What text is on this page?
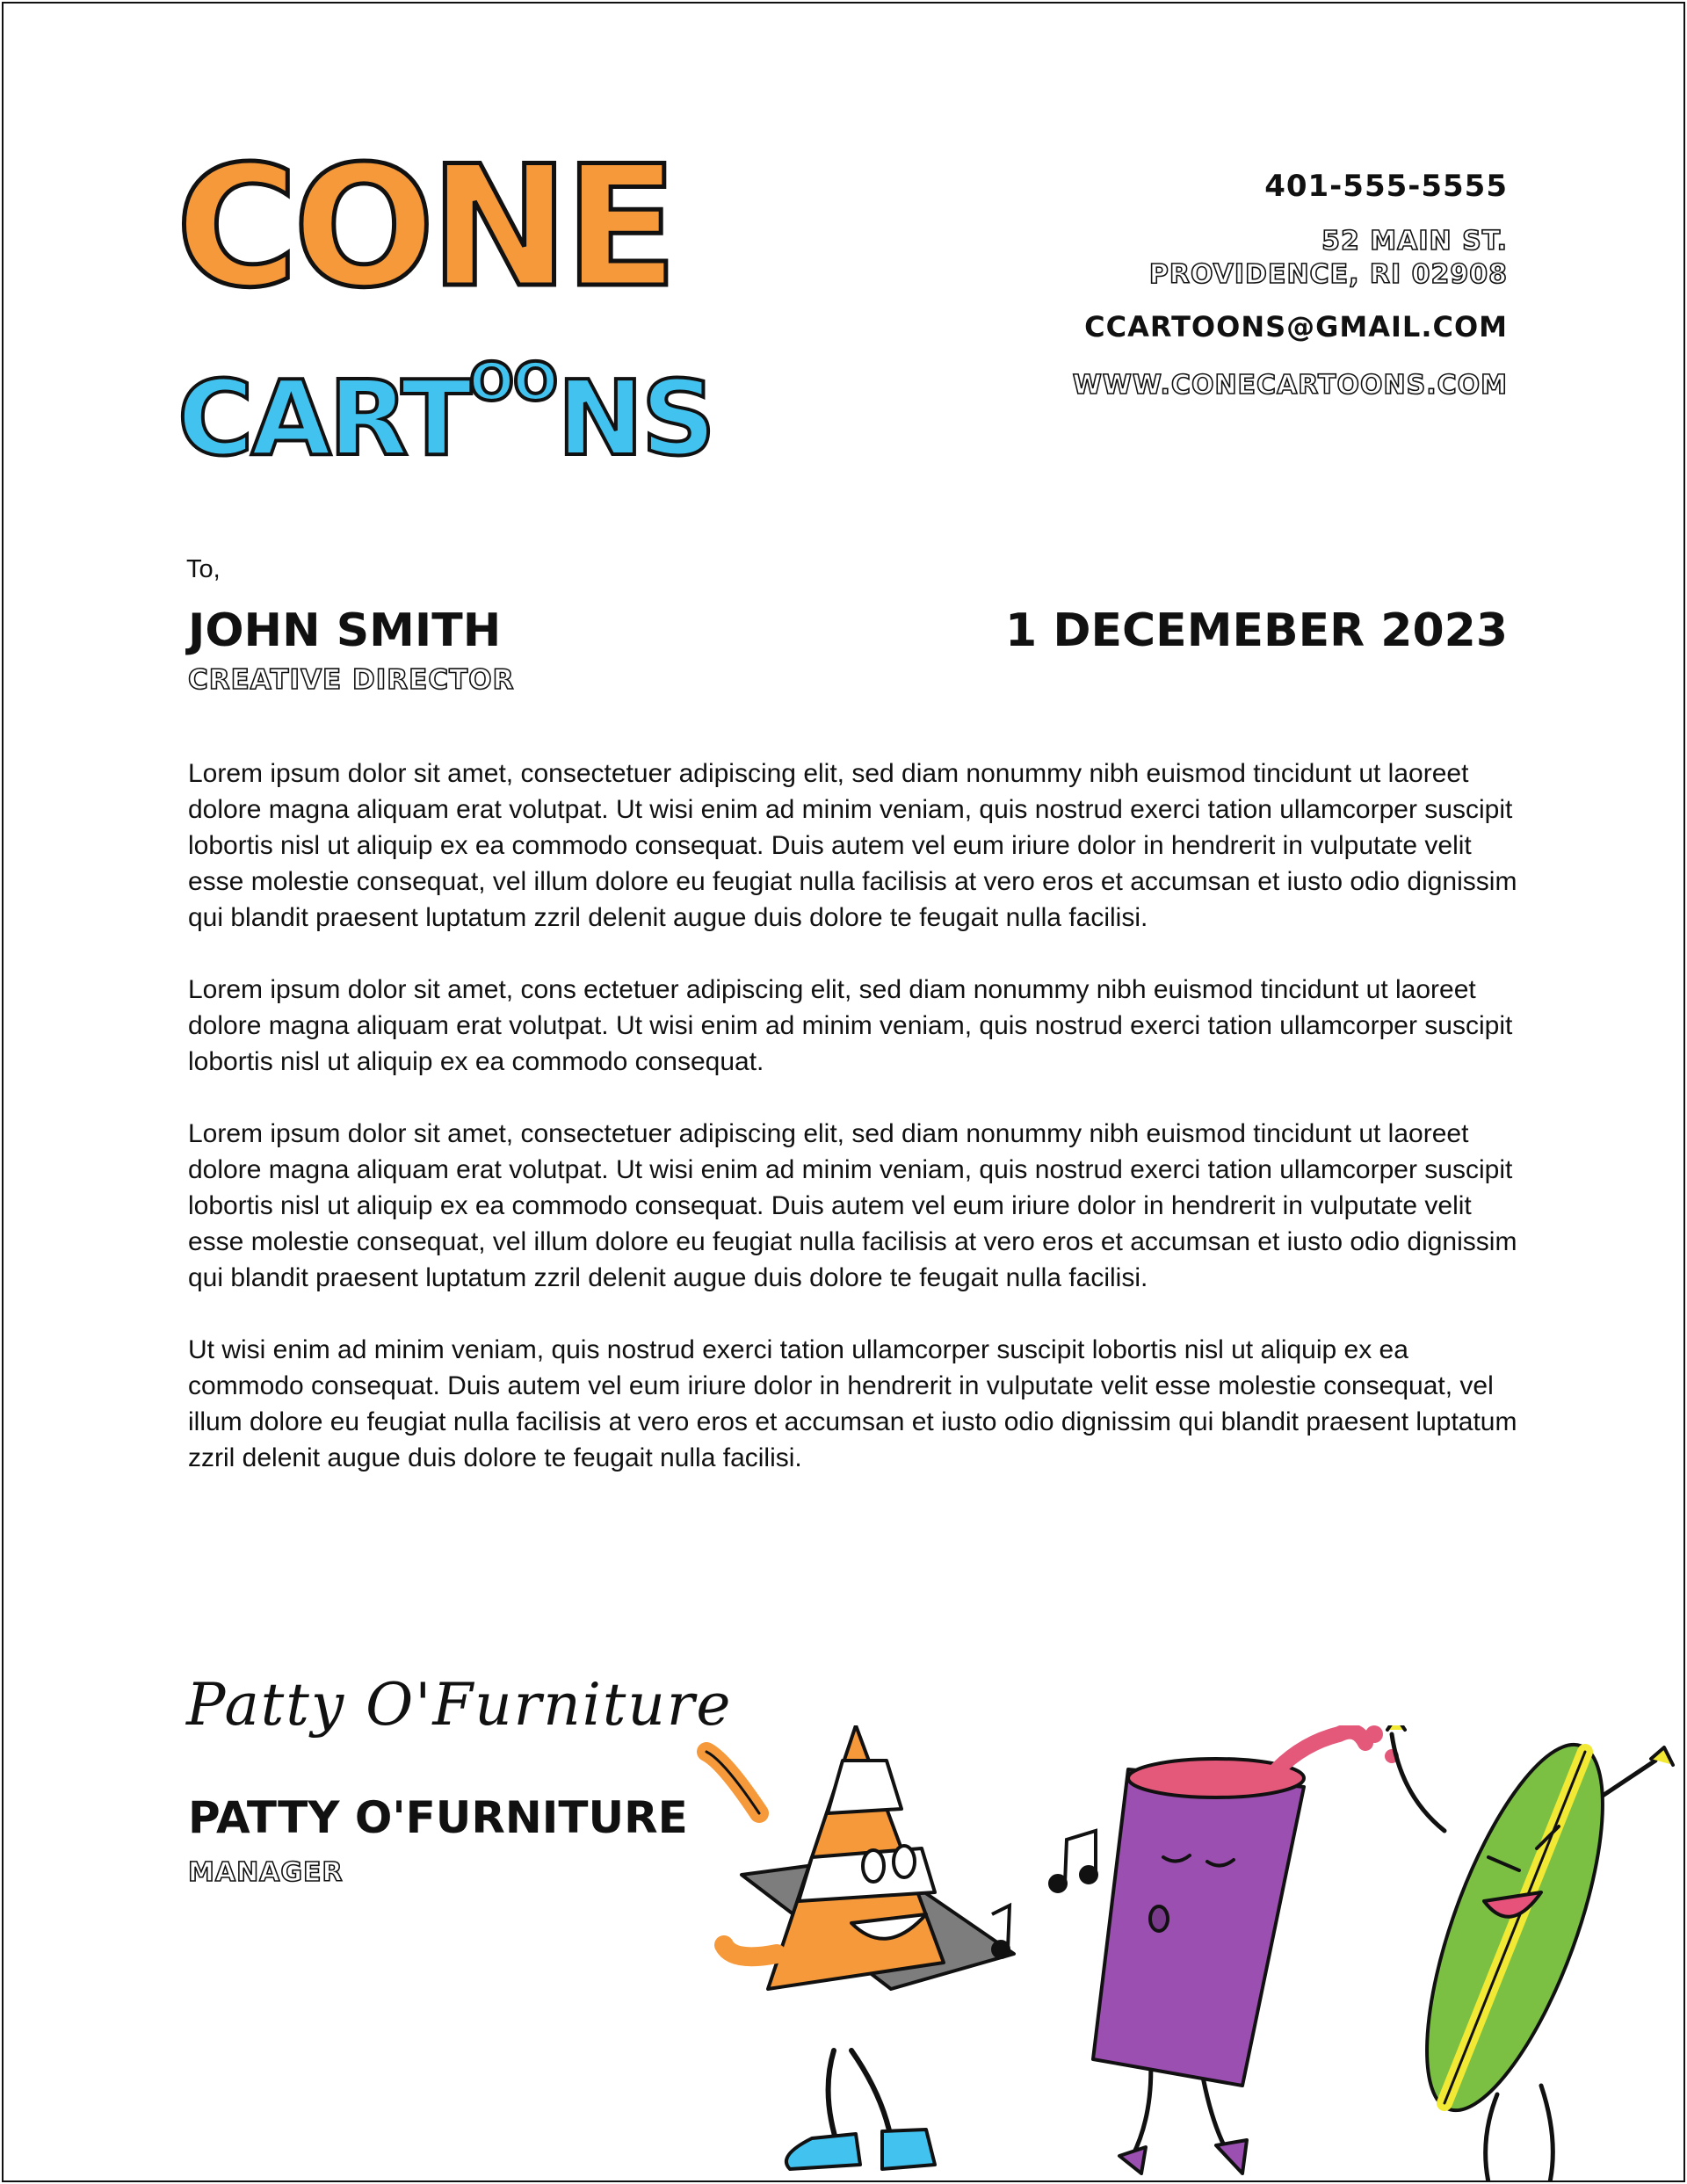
CONE
$CART^{OO}NS$
401-555-5555
52 MAIN ST.
PROVIDENCE, RI 02908
CCARTOONS@GMAIL.COM
WWW.CONECARTOONS.COM
To,
JOHN SMITH
CREATIVE DIRECTOR
1 DECEMEBER 2023

Lorem ipsum dolor sit amet, consectetuer adipiscing elit, sed diam nonummy nibh euismod tincidunt ut laoreet dolore magna aliquam erat volutpat. Ut wisi enim ad minim veniam, quis nostrud exerci tation ullamcorper suscipit lobortis nisl ut aliquip ex ea commodo consequat. Duis autem vel eum iriure dolor in hendrerit in vulputate velit esse molestie consequat, vel illum dolore eu feugiat nulla facilisis at vero eros et accumsan et iusto odio dignissim qui blandit praesent luptatum zzril delenit augue duis dolore te feugait nulla facilisi.

Lorem ipsum dolor sit amet, cons ectetuer adipiscing elit, sed diam nonummy nibh euismod tincidunt ut laoreet dolore magna aliquam erat volutpat. Ut wisi enim ad minim veniam, quis nostrud exerci tation ullamcorper suscipit lobortis nisl ut aliquip ex ea commodo consequat.

Lorem ipsum dolor sit amet, consectetuer adipiscing elit, sed diam nonummy nibh euismod tincidunt ut laoreet dolore magna aliquam erat volutpat. Ut wisi enim ad minim veniam, quis nostrud exerci tation ullamcorper suscipit lobortis nisl ut aliquip ex ea commodo consequat. Duis autem vel eum iriure dolor in hendrerit in vulputate velit esse molestie consequat, vel illum dolore eu feugiat nulla facilisis at vero eros et accumsan et iusto odio dignissim qui blandit praesent luptatum zzril delenit augue duis dolore te feugait nulla facilisi.

Ut wisi enim ad minim veniam, quis nostrud exerci tation ullamcorper suscipit lobortis nisl ut aliquip ex ea commodo consequat. Duis autem vel eum iriure dolor in hendrerit in vulputate velit esse molestie consequat, vel illum dolore eu feugiat nulla facilisis at vero eros et accumsan et iusto odio dignissim qui blandit praesent luptatum zzril delenit augue duis dolore te feugait nulla facilisi.

Patty O'Furniture
PATTY O'FURNITURE
MANAGER
